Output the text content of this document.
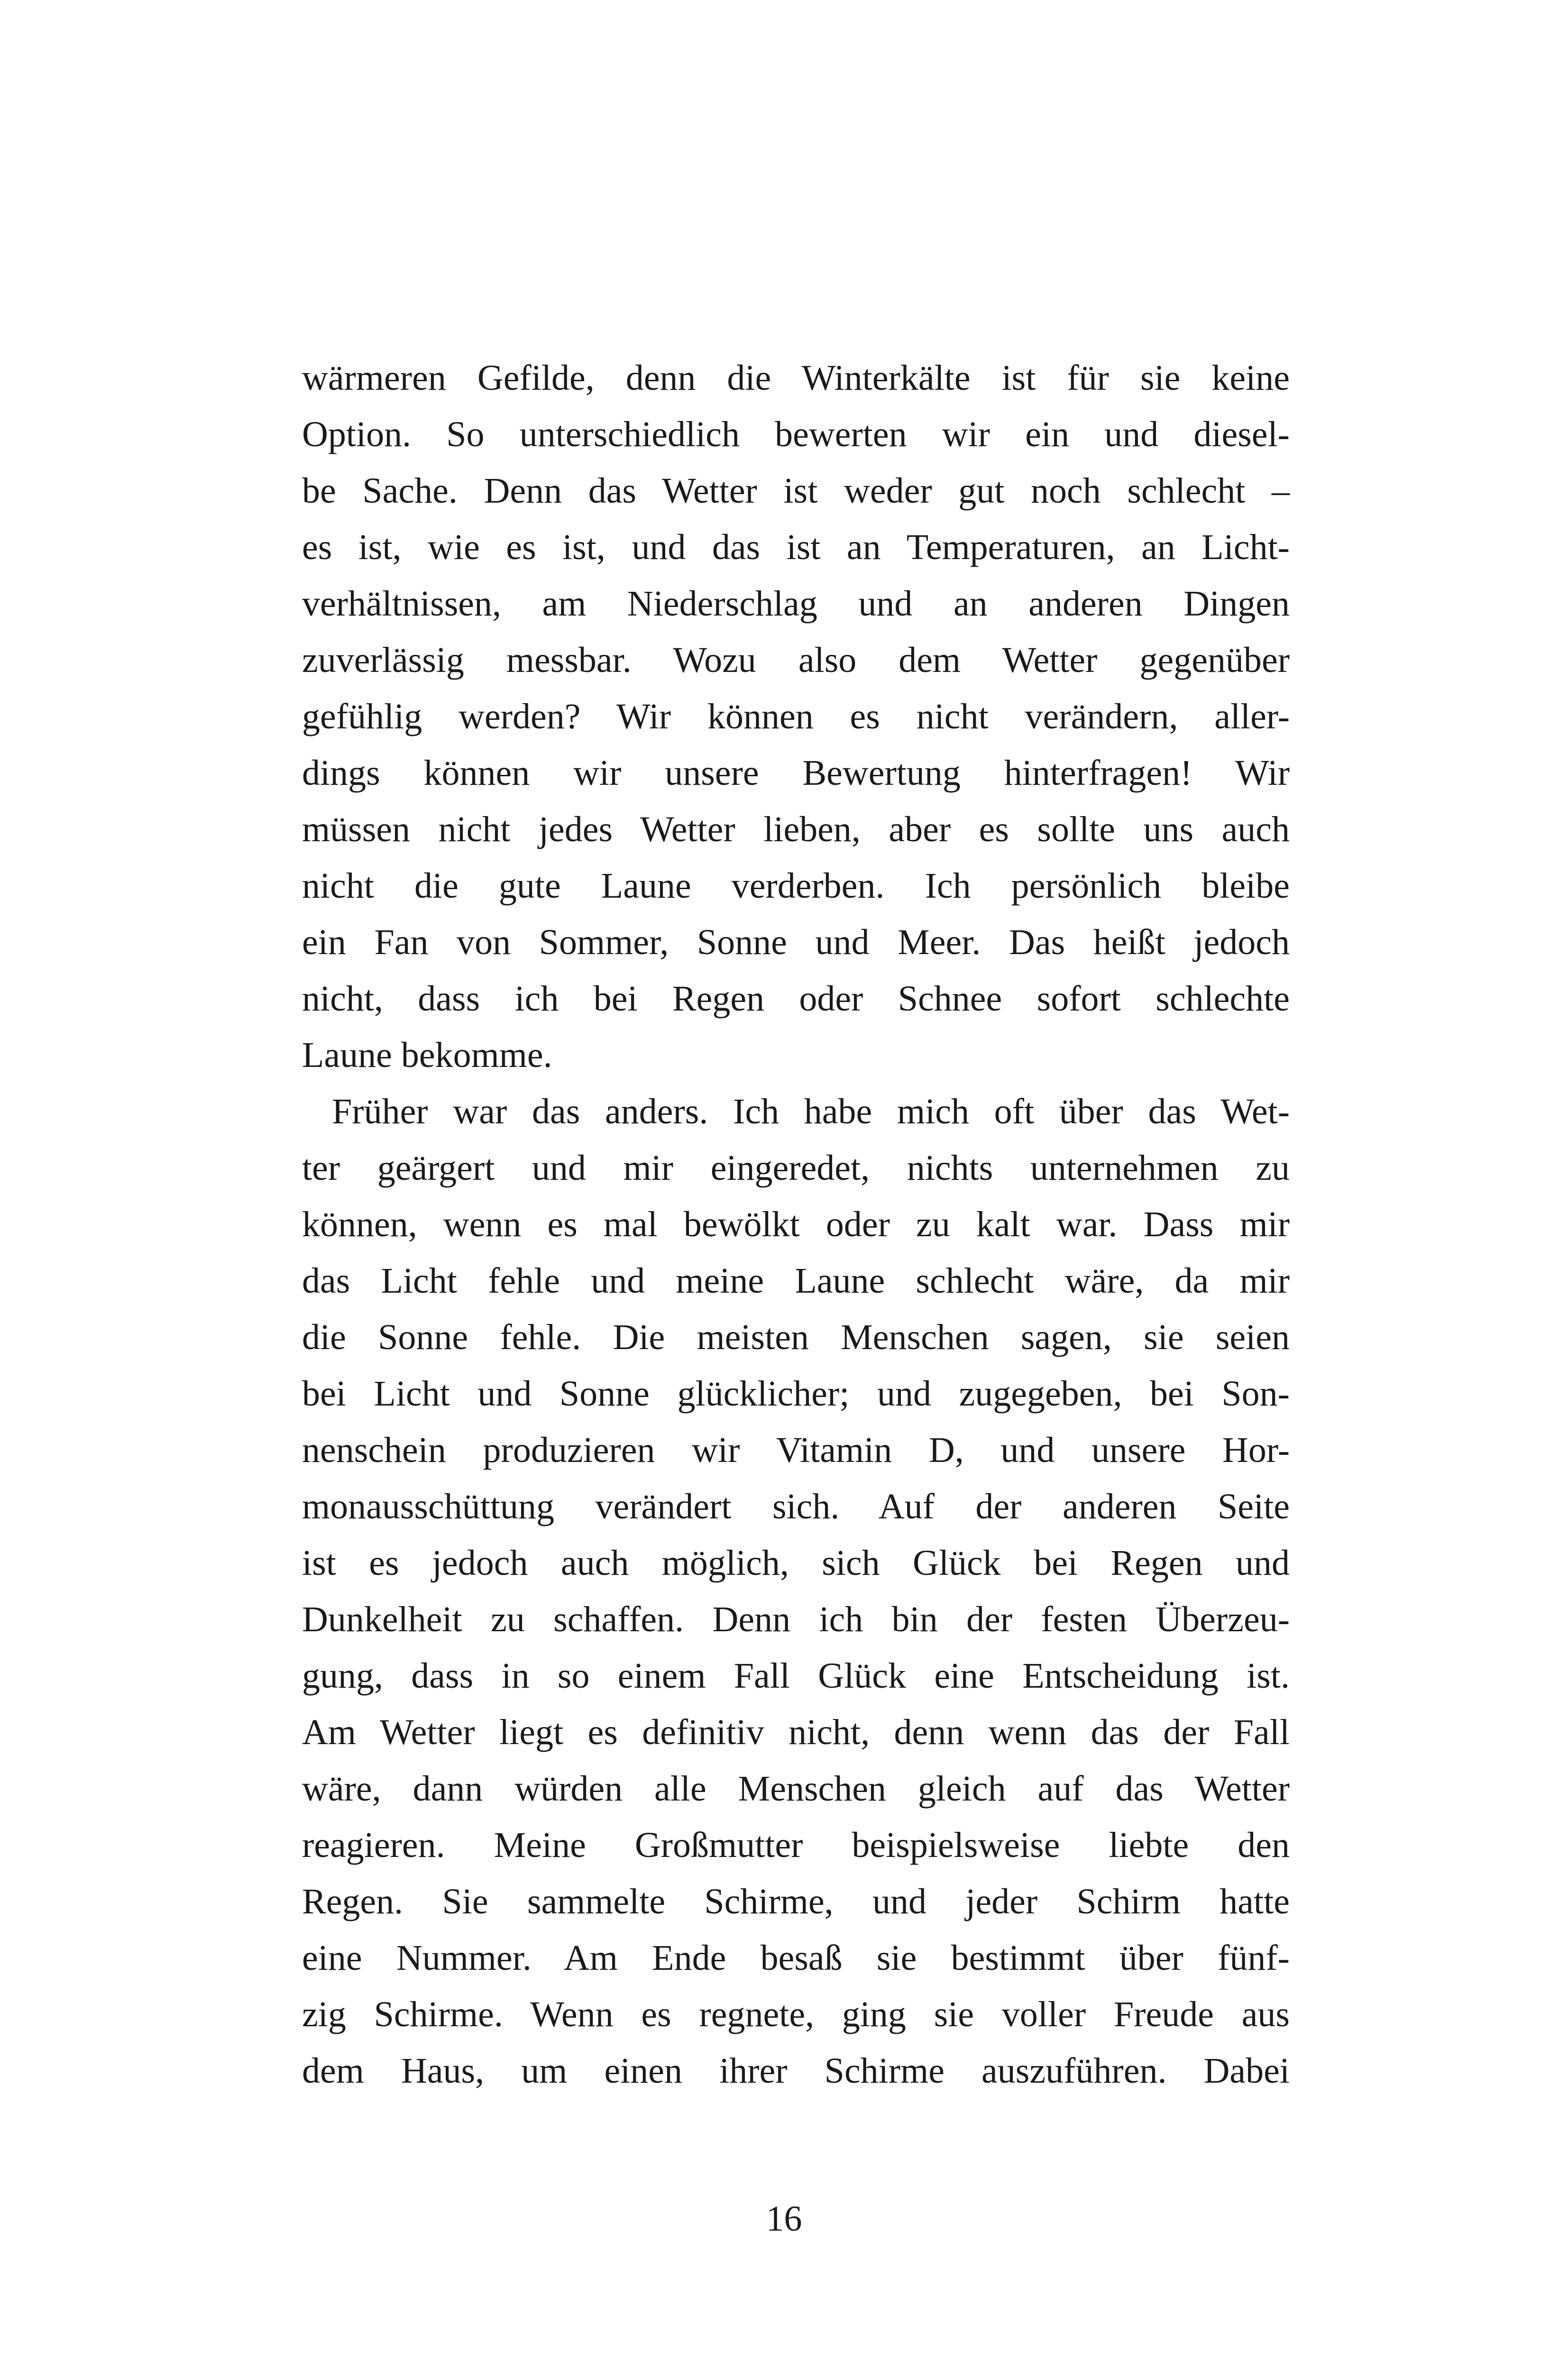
wärmeren Gefilde, denn die Winterkälte ist für sie keine
Option. So unterschiedlich bewerten wir ein und diesel-
be Sache. Denn das Wetter ist weder gut noch schlecht –
es ist, wie es ist, und das ist an Temperaturen, an Licht-
verhältnissen, am Niederschlag und an anderen Dingen
zuverlässig messbar. Wozu also dem Wetter gegenüber
gefühlig werden? Wir können es nicht verändern, aller-
dings können wir unsere Bewertung hinterfragen! Wir
müssen nicht jedes Wetter lieben, aber es sollte uns auch
nicht die gute Laune verderben. Ich persönlich bleibe
ein Fan von Sommer, Sonne und Meer. Das heißt jedoch
nicht, dass ich bei Regen oder Schnee sofort schlechte
Laune bekomme.
Früher war das anders. Ich habe mich oft über das Wet-
ter geärgert und mir eingeredet, nichts unternehmen zu
können, wenn es mal bewölkt oder zu kalt war. Dass mir
das Licht fehle und meine Laune schlecht wäre, da mir
die Sonne fehle. Die meisten Menschen sagen, sie seien
bei Licht und Sonne glücklicher; und zugegeben, bei Son-
nenschein produzieren wir Vitamin D, und unsere Hor-
monausschüttung verändert sich. Auf der anderen Seite
ist es jedoch auch möglich, sich Glück bei Regen und
Dunkelheit zu schaffen. Denn ich bin der festen Überzeu-
gung, dass in so einem Fall Glück eine Entscheidung ist.
Am Wetter liegt es definitiv nicht, denn wenn das der Fall
wäre, dann würden alle Menschen gleich auf das Wetter
reagieren. Meine Großmutter beispielsweise liebte den
Regen. Sie sammelte Schirme, und jeder Schirm hatte
eine Nummer. Am Ende besaß sie bestimmt über fünf-
zig Schirme. Wenn es regnete, ging sie voller Freude aus
dem Haus, um einen ihrer Schirme auszuführen. Dabei
16
